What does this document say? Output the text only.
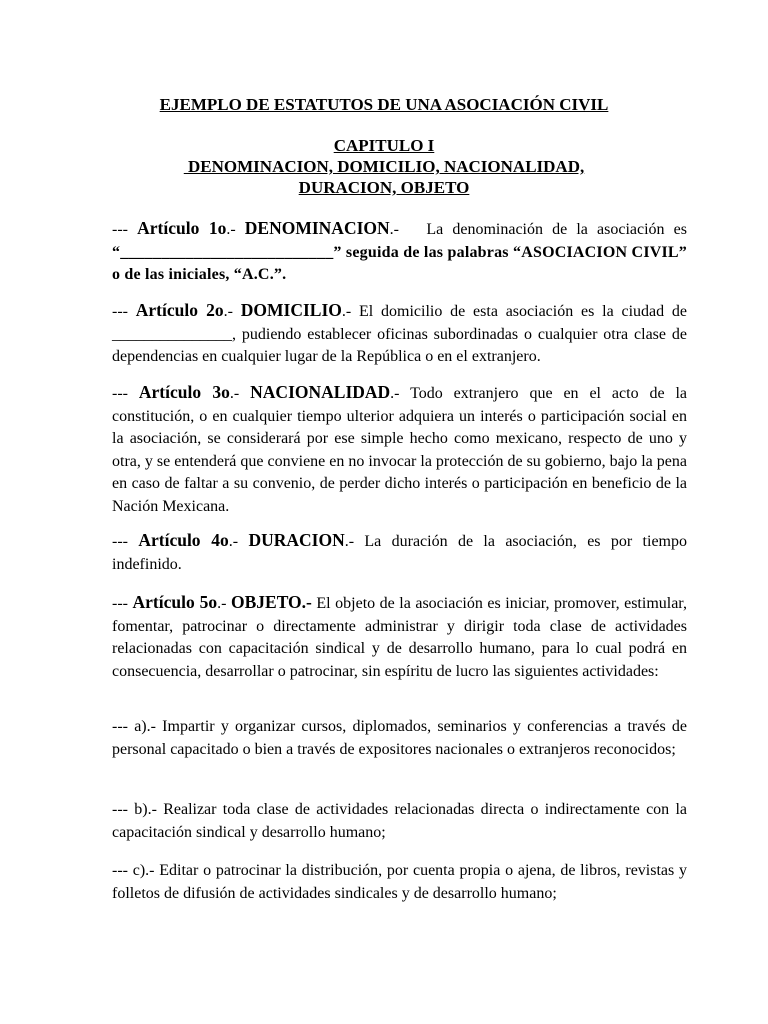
EJEMPLO DE ESTATUTOS DE UNA ASOCIACIÓN CIVIL
CAPITULO I
DENOMINACION, DOMICILIO, NACIONALIDAD,
DURACION, OBJETO

--- Artículo 1o.- DENOMINACION.-   La denominación de la asociación es “__________________________” seguida de las palabras “ASOCIACION CIVIL” o de las iniciales, “A.C.”.

--- Artículo 2o.- DOMICILIO.- El domicilio de esta asociación es la ciudad de _______________, pudiendo establecer oficinas subordinadas o cualquier otra clase de dependencias en cualquier lugar de la República o en el extranjero.

--- Artículo 3o.- NACIONALIDAD.- Todo extranjero que en el acto de la constitución, o en cualquier tiempo ulterior adquiera un interés o participación social en la asociación, se considerará por ese simple hecho como mexicano, respecto de uno y otra, y se entenderá que conviene en no invocar la protección de su gobierno, bajo la pena en caso de faltar a su convenio, de perder dicho interés o participación en beneficio de la Nación Mexicana.

--- Artículo 4o.- DURACION.- La duración de la asociación, es por tiempo indefinido.

--- Artículo 5o.- OBJETO.- El objeto de la asociación es iniciar, promover, estimular, fomentar, patrocinar o directamente administrar y dirigir toda clase de actividades relacionadas con capacitación sindical y de desarrollo humano, para lo cual podrá en consecuencia, desarrollar o patrocinar, sin espíritu de lucro las siguientes actividades:

--- a).- Impartir y organizar cursos, diplomados, seminarios y conferencias a través de personal capacitado o bien a través de expositores nacionales o extranjeros reconocidos;

--- b).- Realizar toda clase de actividades relacionadas directa o indirectamente con la capacitación sindical y desarrollo humano;

--- c).- Editar o patrocinar la distribución, por cuenta propia o ajena, de libros, revistas y folletos de difusión de actividades sindicales y de desarrollo humano;
